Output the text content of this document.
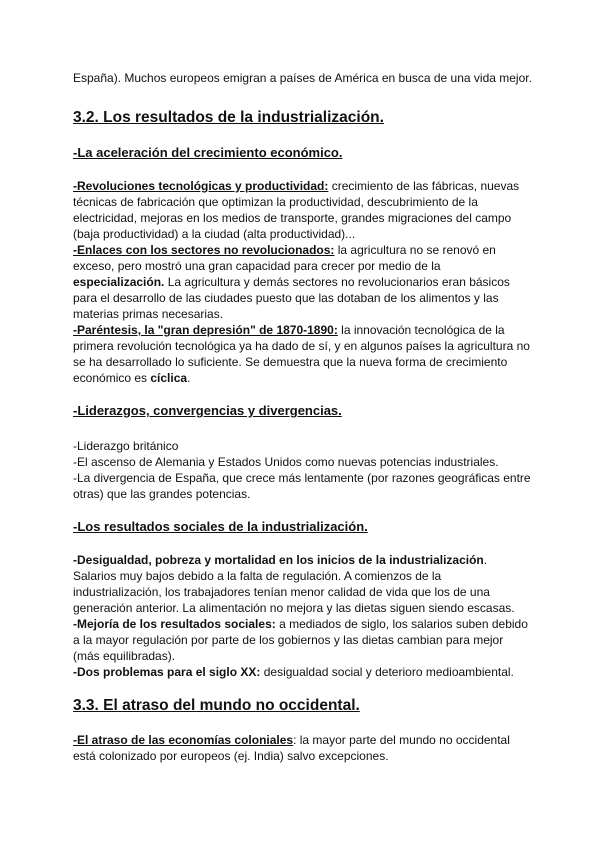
España). Muchos europeos emigran a países de América en busca de una vida mejor.

3.2. Los resultados de la industrialización.

-La aceleración del crecimiento económico.

-Revoluciones tecnológicas y productividad: crecimiento de las fábricas, nuevas técnicas de fabricación que optimizan la productividad, descubrimiento de la electricidad, mejoras en los medios de transporte, grandes migraciones del campo (baja productividad) a la ciudad (alta productividad)...

-Enlaces con los sectores no revolucionados: la agricultura no se renovó en exceso, pero mostró una gran capacidad para crecer por medio de la especialización. La agricultura y demás sectores no revolucionarios eran básicos para el desarrollo de las ciudades puesto que las dotaban de los alimentos y las materias primas necesarias.

-Paréntesis, la "gran depresión" de 1870-1890: la innovación tecnológica de la primera revolución tecnológica ya ha dado de sí, y en algunos países la agricultura no se ha desarrollado lo suficiente. Se demuestra que la nueva forma de crecimiento económico es cíclica.

-Liderazgos, convergencias y divergencias.

-Liderazgo británico

-El ascenso de Alemania y Estados Unidos como nuevas potencias industriales.

-La divergencia de España, que crece más lentamente (por razones geográficas entre otras) que las grandes potencias.

-Los resultados sociales de la industrialización.

-Desigualdad, pobreza y mortalidad en los inicios de la industrialización. Salarios muy bajos debido a la falta de regulación. A comienzos de la industrialización, los trabajadores tenían menor calidad de vida que los de una generación anterior. La alimentación no mejora y las dietas siguen siendo escasas.

-Mejoría de los resultados sociales: a mediados de siglo, los salarios suben debido a la mayor regulación por parte de los gobiernos y las dietas cambian para mejor (más equilibradas).

-Dos problemas para el siglo XX: desigualdad social y deterioro medioambiental.

3.3. El atraso del mundo no occidental.

-El atraso de las economías coloniales: la mayor parte del mundo no occidental está colonizado por europeos (ej. India) salvo excepciones.
